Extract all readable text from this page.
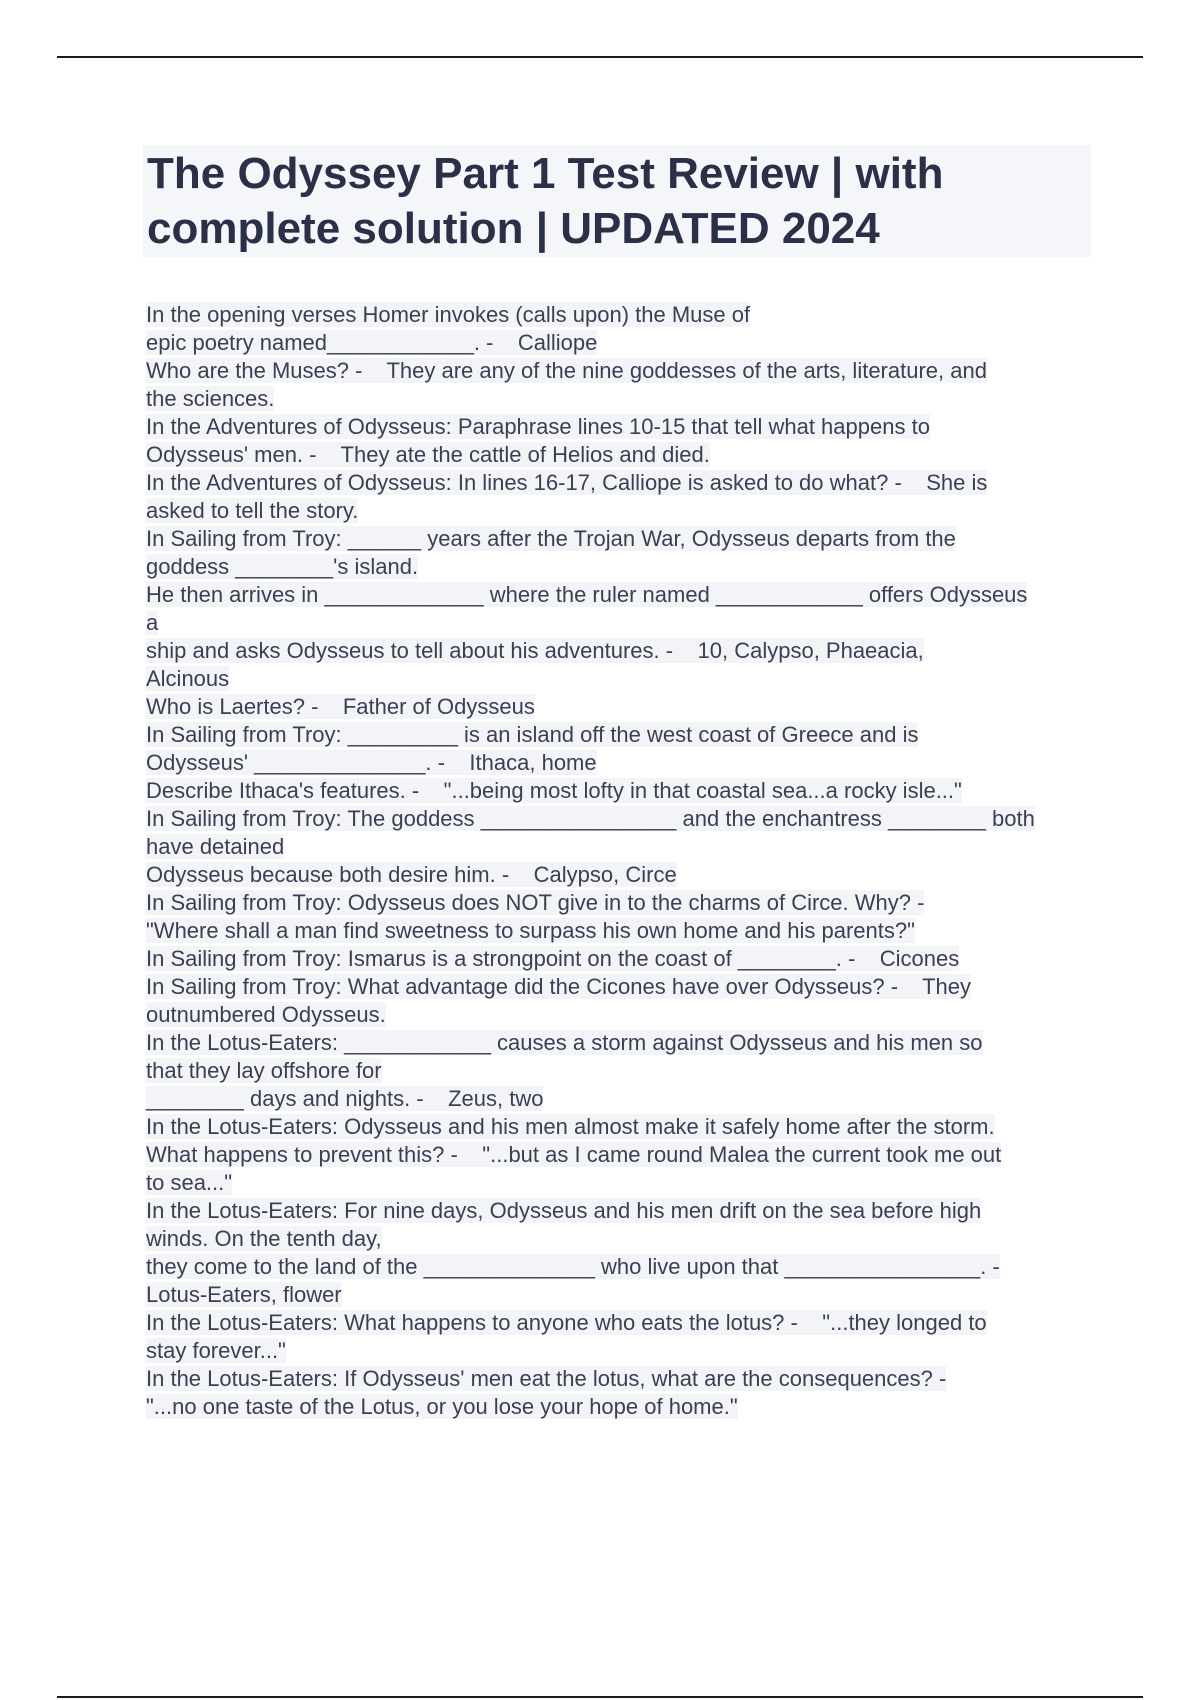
The Odyssey Part 1 Test Review | with
complete solution | UPDATED 2024
In the opening verses Homer invokes (calls upon) the Muse of
epic poetry named____________. -    Calliope
Who are the Muses? -    They are any of the nine goddesses of the arts, literature, and
the sciences.
In the Adventures of Odysseus: Paraphrase lines 10-15 that tell what happens to
Odysseus' men. -    They ate the cattle of Helios and died.
In the Adventures of Odysseus: In lines 16-17, Calliope is asked to do what? -    She is
asked to tell the story.
In Sailing from Troy: ______ years after the Trojan War, Odysseus departs from the
goddess ________'s island.
He then arrives in _____________ where the ruler named ____________ offers Odysseus
a
ship and asks Odysseus to tell about his adventures. -    10, Calypso, Phaeacia,
Alcinous
Who is Laertes? -    Father of Odysseus
In Sailing from Troy: _________ is an island off the west coast of Greece and is
Odysseus' ______________. -    Ithaca, home
Describe Ithaca's features. -    "...being most lofty in that coastal sea...a rocky isle..."
In Sailing from Troy: The goddess ________________ and the enchantress ________ both
have detained
Odysseus because both desire him. -    Calypso, Circe
In Sailing from Troy: Odysseus does NOT give in to the charms of Circe. Why? -
"Where shall a man find sweetness to surpass his own home and his parents?"
In Sailing from Troy: Ismarus is a strongpoint on the coast of ________. -    Cicones
In Sailing from Troy: What advantage did the Cicones have over Odysseus? -    They
outnumbered Odysseus.
In the Lotus-Eaters: ____________ causes a storm against Odysseus and his men so
that they lay offshore for
________ days and nights. -    Zeus, two
In the Lotus-Eaters: Odysseus and his men almost make it safely home after the storm.
What happens to prevent this? -    "...but as I came round Malea the current took me out
to sea..."
In the Lotus-Eaters: For nine days, Odysseus and his men drift on the sea before high
winds. On the tenth day,
they come to the land of the ______________ who live upon that ________________. -
Lotus-Eaters, flower
In the Lotus-Eaters: What happens to anyone who eats the lotus? -    "...they longed to
stay forever..."
In the Lotus-Eaters: If Odysseus' men eat the lotus, what are the consequences? -
"...no one taste of the Lotus, or you lose your hope of home."
